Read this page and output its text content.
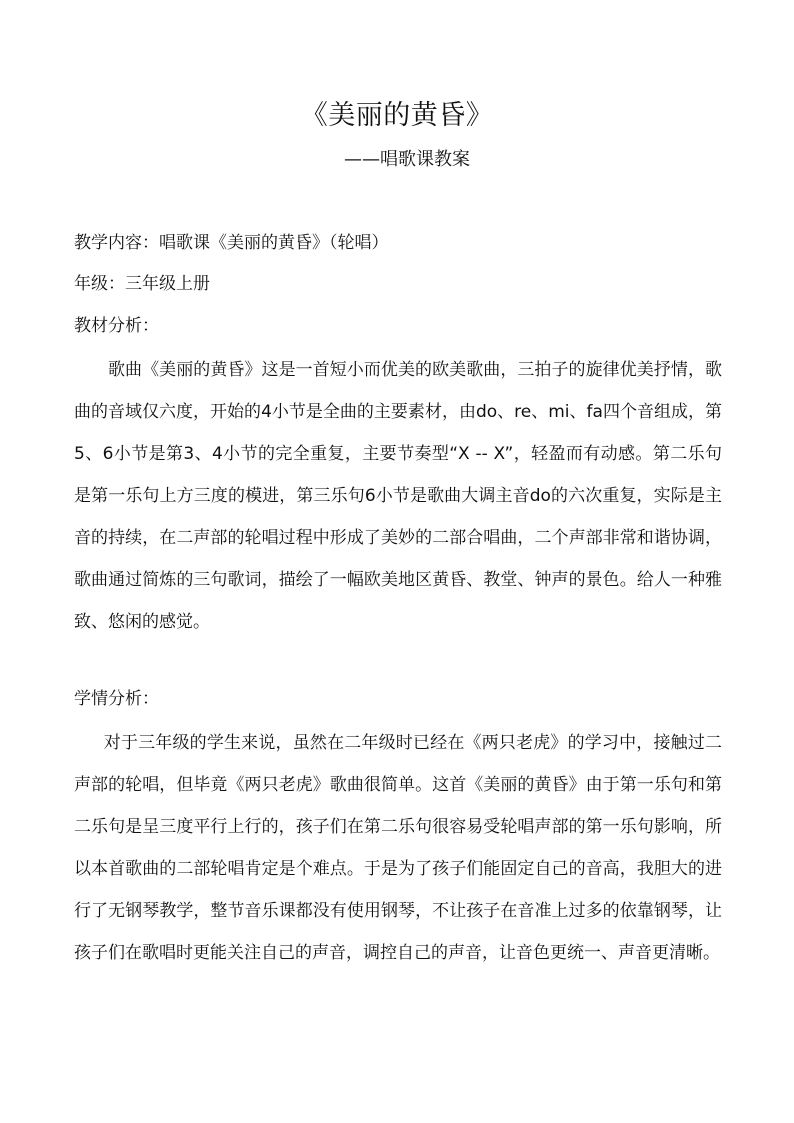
《美丽的黄昏》
——唱歌课教案
教学内容：唱歌课《美丽的黄昏》（轮唱）
年级：三年级上册
教材分析：
歌曲《美丽的黄昏》这是一首短小而优美的欧美歌曲，三拍子的旋律优美抒情，歌曲的音域仅六度，开始的4小节是全曲的主要素材，由do、re、mi、fa四个音组成，第5、6小节是第3、4小节的完全重复，主要节奏型“X -- X”，轻盈而有动感。第二乐句是第一乐句上方三度的模进，第三乐句6小节是歌曲大调主音do的六次重复，实际是主音的持续，在二声部的轮唱过程中形成了美妙的二部合唱曲，二个声部非常和谐协调，歌曲通过简炼的三句歌词，描绘了一幅欧美地区黄昏、教堂、钟声的景色。给人一种雅致、悠闲的感觉。
学情分析：
对于三年级的学生来说，虽然在二年级时已经在《两只老虎》的学习中，接触过二声部的轮唱，但毕竟《两只老虎》歌曲很简单。这首《美丽的黄昏》由于第一乐句和第二乐句是呈三度平行上行的，孩子们在第二乐句很容易受轮唱声部的第一乐句影响，所以本首歌曲的二部轮唱肯定是个难点。于是为了孩子们能固定自己的音高，我胆大的进行了无钢琴教学，整节音乐课都没有使用钢琴，不让孩子在音准上过多的依靠钢琴，让孩子们在歌唱时更能关注自己的声音，调控自己的声音，让音色更统一、声音更清晰。
